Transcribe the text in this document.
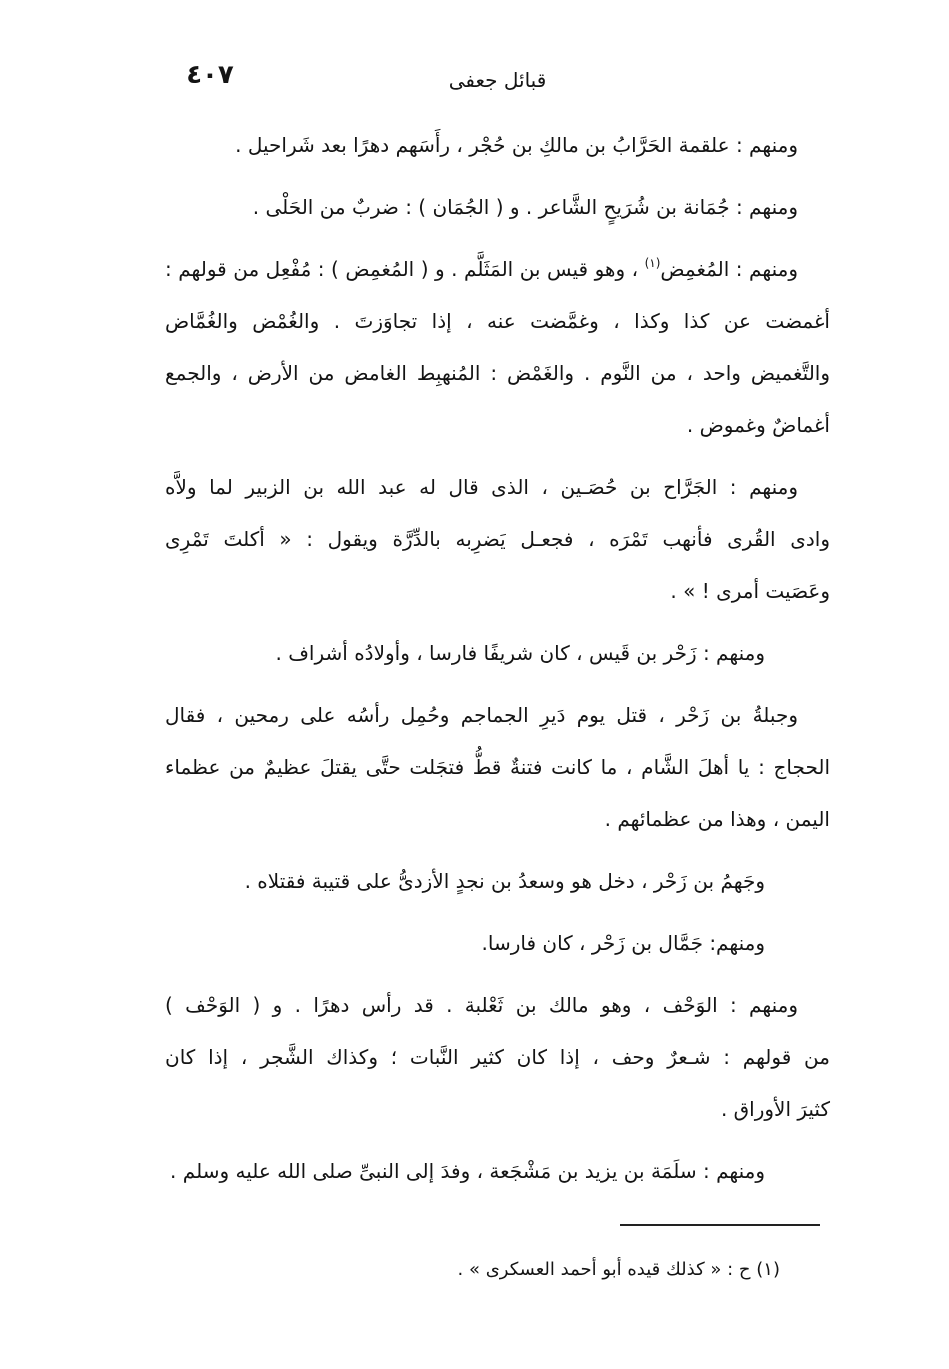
٤٠٧	قبائل جعفى
ومنهم : علقمة الحَرَّابُ بن مالكِ بن حُجْر ، رأَسَهم دهرًا بعد شَراحيل .
ومنهم : جُمَانة بن شُرَيحٍ الشَّاعر . و ( الجُمَان ) : ضربٌ من الحَلْى .
ومنهم : المُغمِض$^{(١)}$ ، وهو قيس بن المَثَلَّم . و ( المُغمِض ) : مُفْعِل من قولهم :
أغمضت عن كذا وكذا ، وغمَّضت عنه ، إذا تجاوَزتَ . والغُمْض والغُمَّاض
والتَّغميض واحد ، من النَّوم . والغَمْض : المُنهبِط الغامض من الأرض ، والجمع
أغماضٌ وغموض .
ومنهم : الجَرَّاح بن حُصَـين ، الذى قال له عبد الله بن الزبير لما ولاَّه
وادى القُرى فأنهب تَمْرَه ، فجعـل يَضرِبه بالدِّرَّة ويقول : « أكلتَ تَمْرِى
وعَصَيت أمرى ! » .
ومنهم : زَحْر بن قَيس ، كان شريفًا فارسا ، وأولادُه أشراف .
وجبلةُ بن زَحْر ، قتل يوم دَيرِ الجماجم وحُمِل رأسُه على رمحين ، فقال
الحجاج : يا أهلَ الشَّام ، ما كانت فتنةٌ قطُّ فتجَلت حتَّى يقتلَ عظيمٌ من عظماء
اليمن ، وهذا من عظمائهم .
وجَهمُ بن زَحْر ، دخل هو وسعدُ بن نجدٍ الأزدىُّ على قتيبة فقتلاه .
ومنهم: جَمَّال بن زَحْر ، كان فارسا.
ومنهم : الوَحْف ، وهو مالك بن ثَعْلبة . قد رأس دهرًا . و ( الوَحْف )
من قولهم : شـعرٌ وحف ، إذا كان كثير النَّبات ؛ وكذاك الشَّجر ، إذا كان
كثيرَ الأوراق .
ومنهم : سلَمَة بن يزيد بن مَشْجَعة ، وفدَ إلى النبىِّ صلى الله عليه وسلم .
(١) ح : « كذلك قيده أبو أحمد العسكرى » .
